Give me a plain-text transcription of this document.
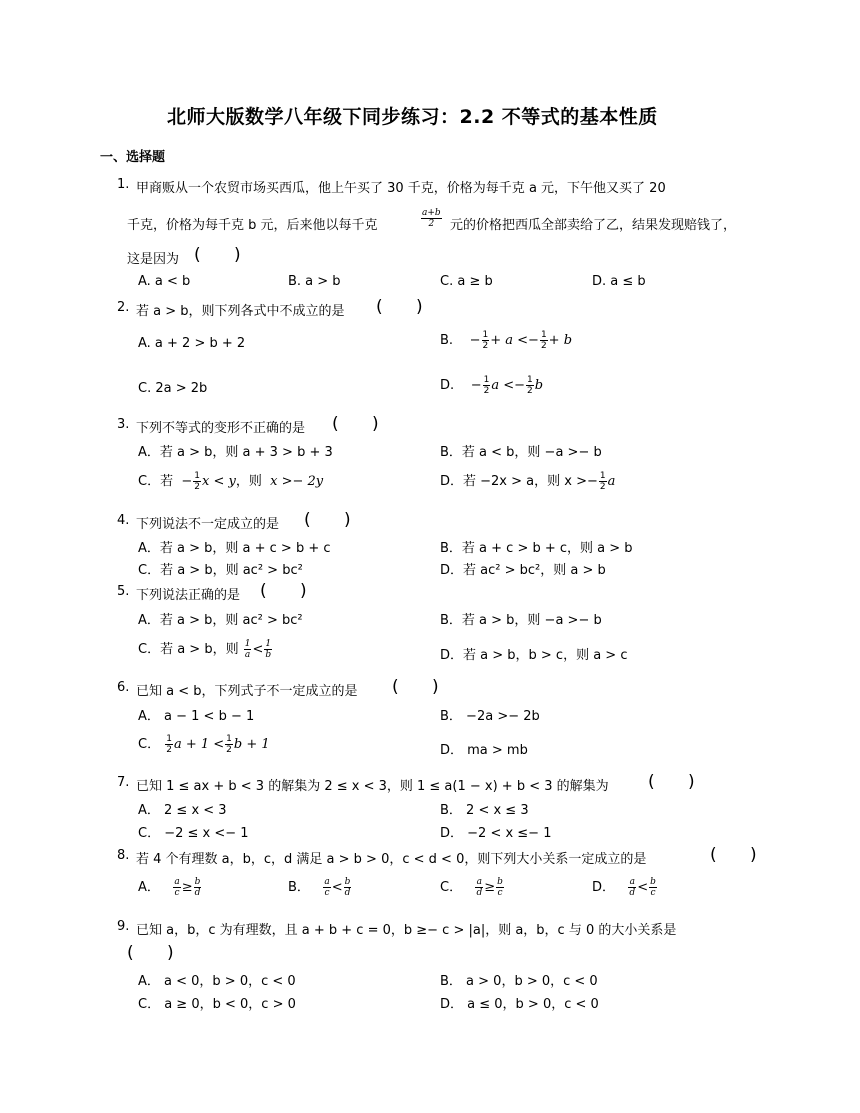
北师大版数学八年级下同步练习：2.2 不等式的基本性质
一、选择题
1. 甲商贩从一个农贸市场买西瓜，他上午买了 30 千克，价格为每千克 a 元，下午他又买了 20
千克，价格为每千克 b 元，后来他以每千克	$\frac{a+b}{2}$ 元的价格把西瓜全部卖给了乙，结果发现赔钱了，
这是因为 ( )
A. a < b	B. a > b	C. a ≥ b	D. a ≤ b
2. 若 a > b，则下列各式中不成立的是 ( )
A. a + 2 > b + 2	B.    − $\frac{1}{2} + a <- \frac{1}{2} + b$
C. 2a > 2b	D.    − $\frac{1}{2}$ $a <- \frac{1}{2}$ b
3. 下列不等式的变形不正确的是 ( )
A．若 a > b，则 a + 3 > b + 3	B．若 a < b，则 −a >− b
C．若  − $\frac{1}{2}$ x < y，则  x >− 2y	D．若 −2x > a，则 $x >- \frac{1}{2}$ a
4. 下列说法不一定成立的是 ( )
A．若 a > b，则 a + c > b + c	B．若 a + c > b + c，则 a > b
C．若 a > b，则 ac² > bc²	D．若 ac² > bc²，则 a > b
5. 下列说法正确的是 ( )
A．若 a > b，则 ac² > bc²	B．若 a > b，则 −a >− b
C．若 a > b，则 $\frac{1}{a} < \frac{1}{b}$	D．若 a > b，b > c，则 a > c
6. 已知 a < b，下列式子不一定成立的是 ( )
A． a − 1 < b − 1	B． −2a >− 2b
C． $\frac{1}{2}$ $a + 1 < \frac{1}{2}$ b + 1	D． ma > mb
7. 已知 1 ≤ ax + b < 3 的解集为 2 ≤ x < 3，则 1 ≤ a(1 − x) + b < 3 的解集为 ( )
A． 2 ≤ x < 3	B． 2 < x ≤ 3
C． −2 ≤ x <− 1	D． −2 < x ≤− 1
8. 若 4 个有理数 a，b，c，d 满足 a > b > 0，c < d < 0，则下列大小关系一定成立的是	( )
A． $\frac{a}{c} \ge \frac{b}{d}$	B． $\frac{a}{c} < \frac{b}{d}$	C． $\frac{a}{d} \ge \frac{b}{c}$	D． $\frac{a}{d} < \frac{b}{c}$
9. 已知 a，b，c 为有理数，且 a + b + c = 0，b ≥− c > |a|，则 a，b，c 与 0 的大小关系是
( )
A． a < 0，b > 0，c < 0	B． a > 0，b > 0，c < 0
C． a ≥ 0，b < 0，c > 0	D． a ≤ 0，b > 0，c < 0
